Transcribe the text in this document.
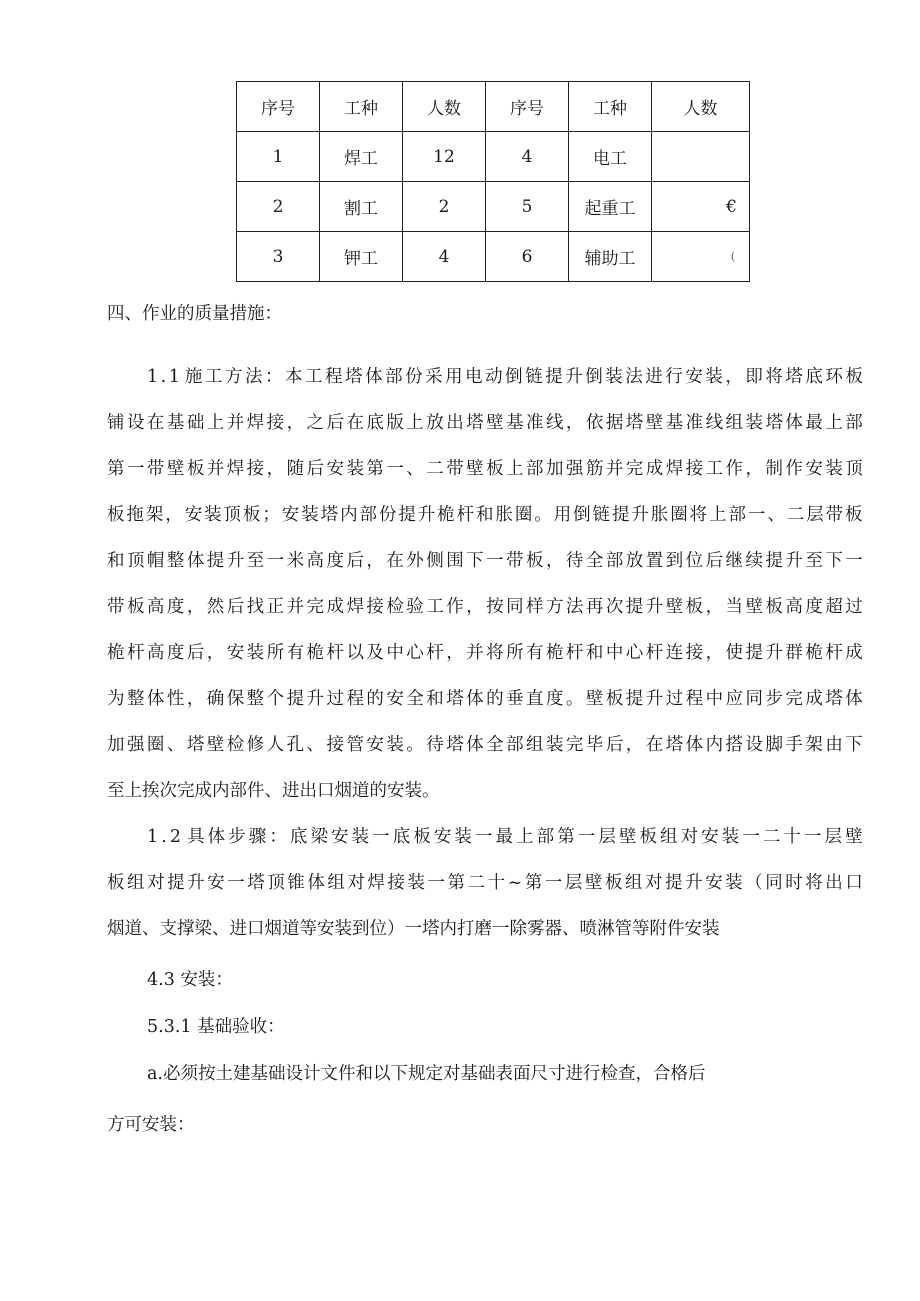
序号	工种	人数	序号	工种	人数
1	焊工	12	4	电工	
2	割工	2	5	起重工	€
3	钾工	4	6	辅助工	(
四、作业的质量措施：
1 . 1 施 工 方 法 ： 本 工 程 塔 体 部 份 采 用 电 动 倒 链 提 升 倒 装 法 进 行 安 装 ， 即 将 塔 底 环 板
铺 设 在 基 础 上 并 焊 接 ， 之 后 在 底 版 上 放 出 塔 壁 基 准 线 ， 依 据 塔 壁 基 准 线 组 装 塔 体 最 上 部
第 一 带 壁 板 并 焊 接 ， 随 后 安 装 第 一 、 二 带 壁 板 上 部 加 强 筋 并 完 成 焊 接 工 作 ， 制 作 安 装 顶
板 拖 架 ， 安 装 顶 板 ； 安 装 塔 内 部 份 提 升 桅 杆 和 胀 圈 。 用 倒 链 提 升 胀 圈 将 上 部 一 、 二 层 带 板
和 顶 帽 整 体 提 升 至 一 米 高 度 后 ， 在 外 侧 围 下 一 带 板 ， 待 全 部 放 置 到 位 后 继 续 提 升 至 下 一
带 板 高 度 ， 然 后 找 正 并 完 成 焊 接 检 验 工 作 ， 按 同 样 方 法 再 次 提 升 壁 板 ， 当 壁 板 高 度 超 过
桅 杆 高 度 后 ， 安 装 所 有 桅 杆 以 及 中 心 杆 ， 并 将 所 有 桅 杆 和 中 心 杆 连 接 ， 使 提 升 群 桅 杆 成
为 整 体 性 ， 确 保 整 个 提 升 过 程 的 安 全 和 塔 体 的 垂 直 度 。 壁 板 提 升 过 程 中 应 同 步 完 成 塔 体
加 强 圈 、 塔 壁 检 修 人 孔 、 接 管 安 装 。 待 塔 体 全 部 组 装 完 毕 后 ， 在 塔 体 内 搭 设 脚 手 架 由 下
至上挨次完成内部件、进出口烟道的安装。
1 . 2 具 体 步 骤 ： 底 梁 安 装 一 底 板 安 装 一 最 上 部 第 一 层 壁 板 组 对 安 装 一 二 十 一 层 壁
板 组 对 提 升 安 一 塔 顶 锥 体 组 对 焊 接 装 一 第 二 十 ~ 第 一 层 壁 板 组 对 提 升 安 装 （ 同 时 将 出 口
烟道、支撑梁、进口烟道等安装到位）一塔内打磨一除雾器、喷淋管等附件安装
4.3 安装：
5.3.1 基础验收：
a.必须按土建基础设计文件和以下规定对基础表面尺寸进行检查，合格后
方可安装：
